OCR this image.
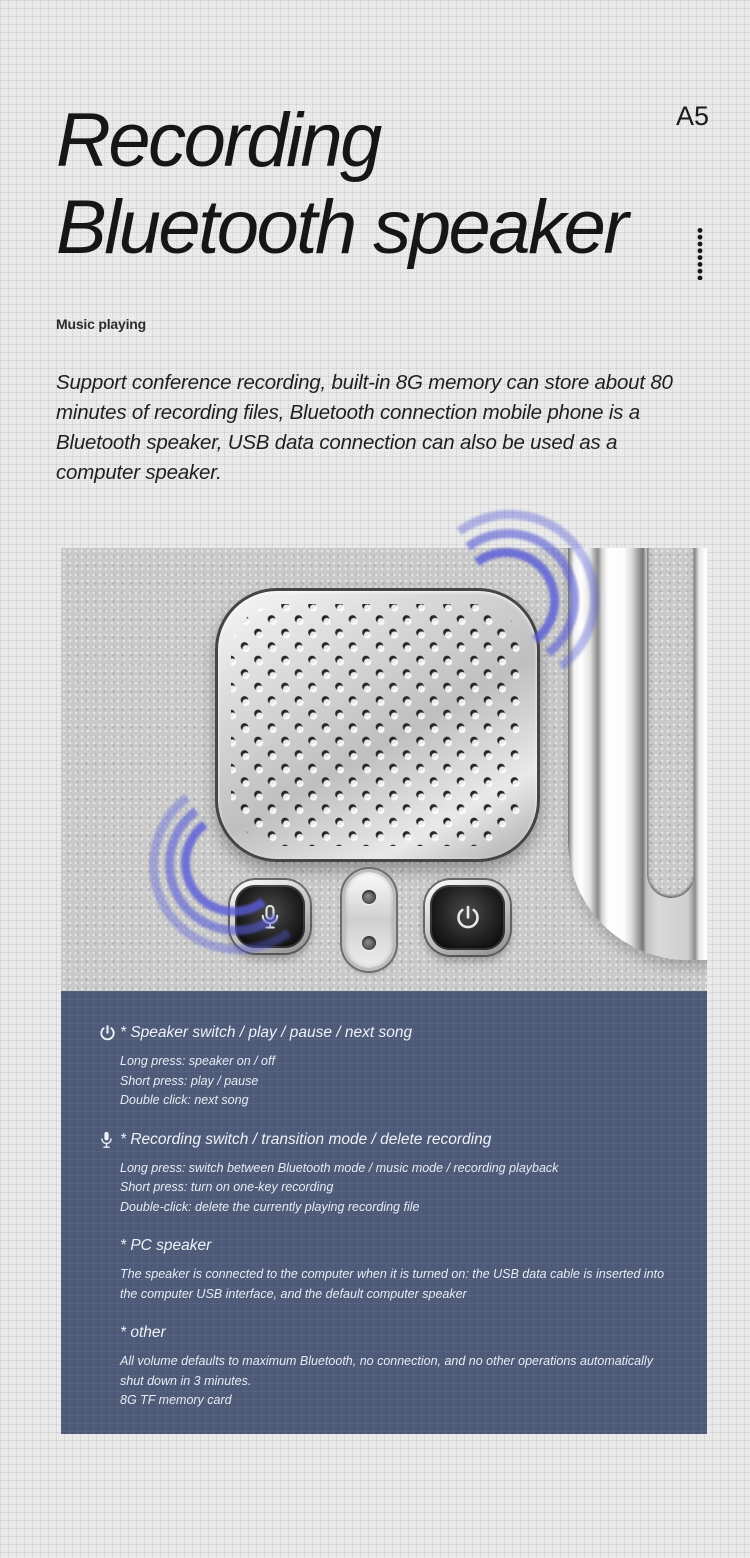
A5
Recording
Bluetooth speaker
Music playing

Support conference recording, built-in 8G memory can store about 80 minutes of recording files, Bluetooth connection mobile phone is a Bluetooth speaker, USB data connection can also be used as a computer speaker.

* Speaker switch / play / pause / next song
Long press: speaker on / off
Short press: play / pause
Double click: next song
* Recording switch / transition mode / delete recording
Long press: switch between Bluetooth mode / music mode / recording playback
Short press: turn on one-key recording
Double-click: delete the currently playing recording file
* PC speaker
The speaker is connected to the computer when it is turned on: the USB data cable is inserted into the computer USB interface, and the default computer speaker
* other
All volume defaults to maximum Bluetooth, no connection, and no other operations automatically shut down in 3 minutes.
8G TF memory card
